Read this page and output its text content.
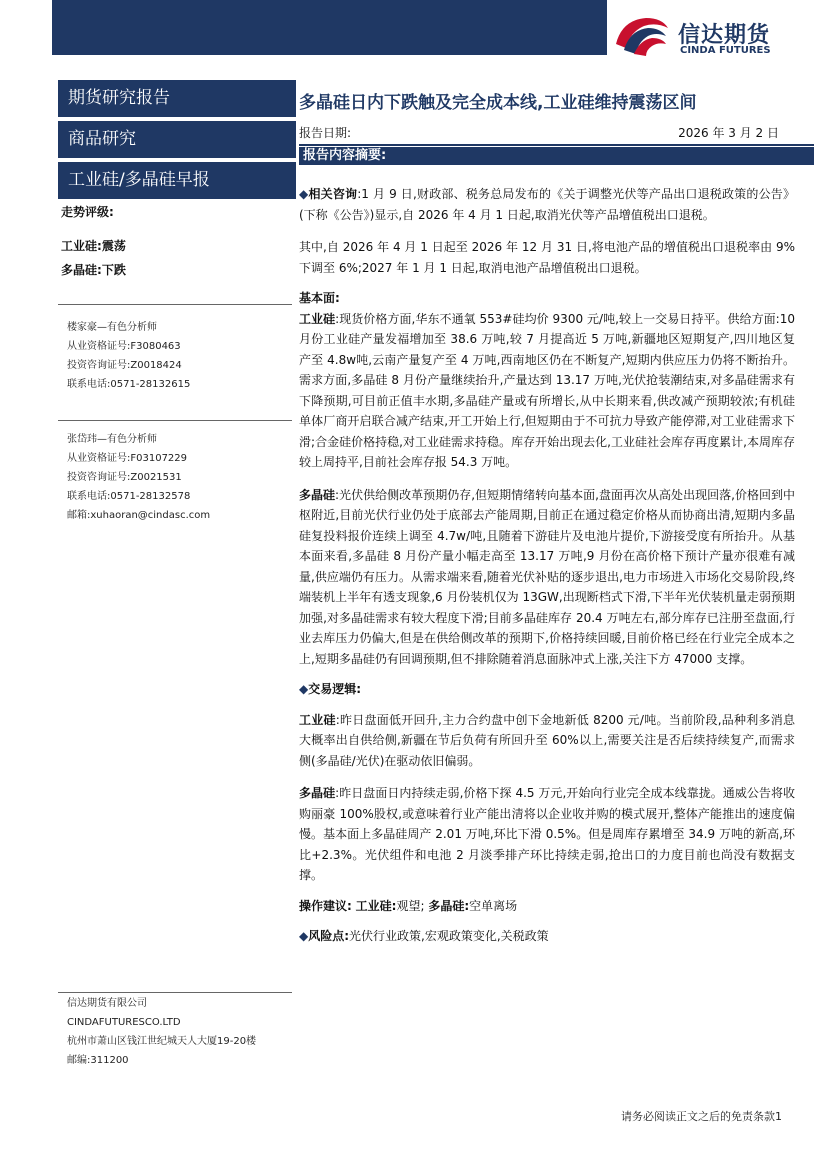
信达期货
CINDA FUTURES
期货研究报告
商品研究
工业硅/多晶硅早报
走势评级:
工业硅:震荡
多晶硅:下跌
楼家豪—有色分析师
从业资格证号:F3080463
投资咨询证号:Z0018424
联系电话:0571-28132615
张岱玮—有色分析师
从业资格证号:F03107229
投资咨询证号:Z0021531
联系电话:0571-28132578
邮箱:xuhaoran@cindasc.com
信达期货有限公司
CINDAFUTURESCO.LTD
杭州市萧山区钱江世纪城天人大厦19-20楼
邮编:311200
多晶硅日内下跌触及完全成本线,工业硅维持震荡区间
报告日期:	2026 年 3 月 2 日
报告内容摘要:

◆相关咨询:1 月 9 日,财政部、税务总局发布的《关于调整光伏等产品出口退税政策的公告》(下称《公告》)显示,自 2026 年 4 月 1 日起,取消光伏等产品增值税出口退税。

其中,自 2026 年 4 月 1 日起至 2026 年 12 月 31 日,将电池产品的增值税出口退税率由 9%下调至 6%;2027 年 1 月 1 日起,取消电池产品增值税出口退税。

基本面:

工业硅:现货价格方面,华东不通氧 553#硅均价 9300 元/吨,较上一交易日持平。供给方面:10 月份工业硅产量发福增加至 38.6 万吨,较 7 月提高近 5 万吨,新疆地区短期复产,四川地区复产至 4.8w吨,云南产量复产至 4 万吨,西南地区仍在不断复产,短期内供应压力仍将不断抬升。需求方面,多晶硅 8 月份产量继续抬升,产量达到 13.17 万吨,光伏抢装潮结束,对多晶硅需求有下降预期,可目前正值丰水期,多晶硅产量或有所增长,从中长期来看,供改减产预期较浓;有机硅单体厂商开启联合减产结束,开工开始上行,但短期由于不可抗力导致产能停滞,对工业硅需求下滑;合金硅价格持稳,对工业硅需求持稳。库存开始出现去化,工业硅社会库存再度累计,本周库存较上周持平,目前社会库存报 54.3 万吨。

多晶硅:光伏供给侧改革预期仍存,但短期情绪转向基本面,盘面再次从高处出现回落,价格回到中枢附近,目前光伏行业仍处于底部去产能周期,目前正在通过稳定价格从而协商出清,短期内多晶硅复投料报价连续上调至 4.7w/吨,且随着下游硅片及电池片提价,下游接受度有所抬升。从基本面来看,多晶硅 8 月份产量小幅走高至 13.17 万吨,9 月份在高价格下预计产量亦很难有减量,供应端仍有压力。从需求端来看,随着光伏补贴的逐步退出,电力市场进入市场化交易阶段,终端装机上半年有透支现象,6 月份装机仅为 13GW,出现断档式下滑,下半年光伏装机量走弱预期加强,对多晶硅需求有较大程度下滑;目前多晶硅库存 20.4 万吨左右,部分库存已注册至盘面,行业去库压力仍偏大,但是在供给侧改革的预期下,价格持续回暖,目前价格已经在行业完全成本之上,短期多晶硅仍有回调预期,但不排除随着消息面脉冲式上涨,关注下方 47000 支撑。

◆交易逻辑:

工业硅:昨日盘面低开回升,主力合约盘中创下金地新低 8200 元/吨。当前阶段,品种利多消息大概率出自供给侧,新疆在节后负荷有所回升至 60%以上,需要关注是否后续持续复产,而需求侧(多晶硅/光伏)在驱动依旧偏弱。

多晶硅:昨日盘面日内持续走弱,价格下探 4.5 万元,开始向行业完全成本线靠拢。通威公告将收购丽豪 100%股权,或意味着行业产能出清将以企业收并购的模式展开,整体产能推出的速度偏慢。基本面上多晶硅周产 2.01 万吨,环比下滑 0.5%。但是周库存累增至 34.9 万吨的新高,环比+2.3%。光伏组件和电池 2 月淡季排产环比持续走弱,抢出口的力度目前也尚没有数据支撑。

操作建议: 工业硅:观望; 多晶硅:空单离场

◆风险点:光伏行业政策,宏观政策变化,关税政策

请务必阅读正文之后的免责条款1
